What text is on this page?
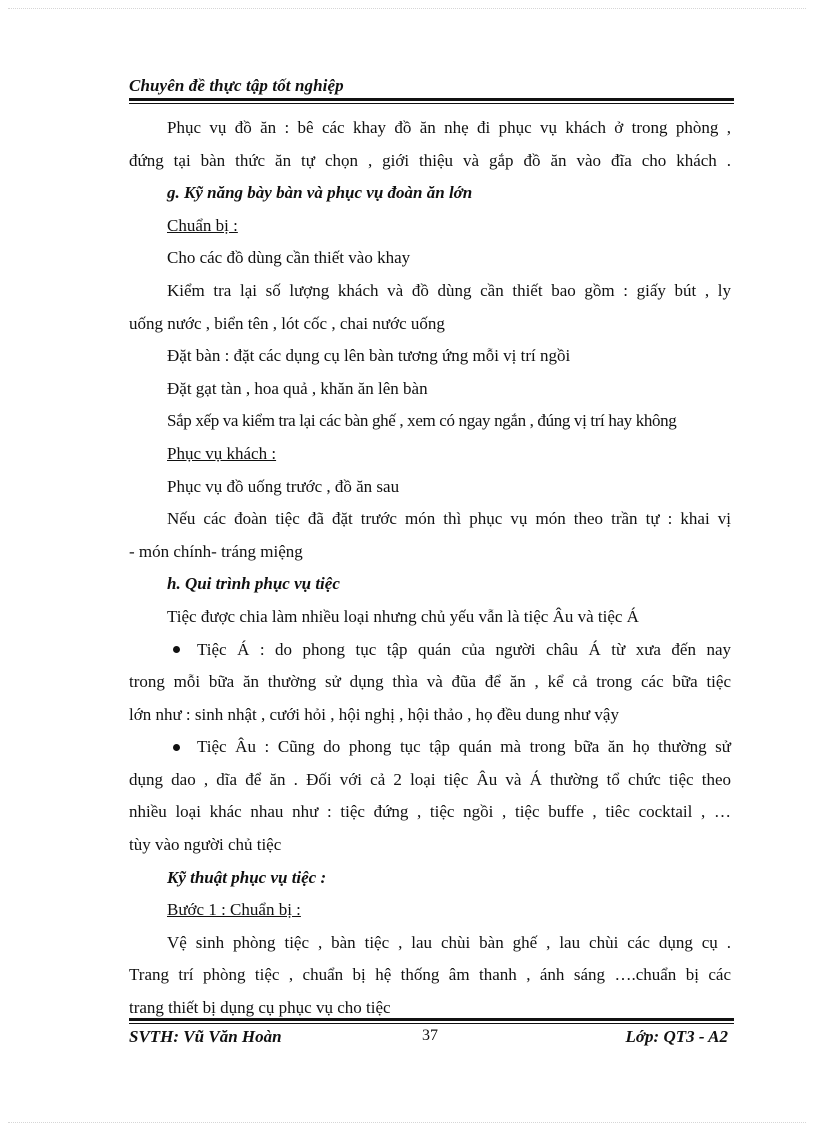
Chuyên đề thực tập tốt nghiệp
Phục vụ đồ ăn : bê các khay đồ ăn nhẹ đi phục vụ khách ở trong phòng ,
đứng tại bàn thức ăn tự chọn , giới thiệu và gắp đồ ăn vào đĩa cho khách .
g. Kỹ năng bày bàn và phục vụ đoàn ăn lớn
Chuẩn bị :
Cho các đồ dùng cần thiết vào khay
Kiểm tra lại số lượng khách và đồ dùng cần thiết bao gồm : giấy bút , ly
uống nước , biển tên , lót cốc , chai nước uống
Đặt bàn : đặt các dụng cụ lên bàn tương ứng mỗi vị trí ngồi
Đặt gạt tàn , hoa quả , khăn ăn lên bàn
Sắp xếp va kiểm tra lại các bàn ghế , xem có ngay ngắn , đúng vị trí hay không
Phục vụ khách :
Phục vụ đồ uống trước , đồ ăn sau
Nếu các đoàn tiệc đã đặt trước món thì phục vụ món theo trần tự : khai vị
- món chính- tráng miệng
h. Qui trình phục vụ tiệc
Tiệc được chia làm nhiều loại nhưng chủ yếu vẫn là tiệc Âu và tiệc Á
Tiệc Á : do phong tục tập quán của người châu Á từ xưa đến nay
trong mỗi bữa ăn thường sử dụng thìa và đũa để ăn , kể cả trong các bữa tiệc
lớn như : sinh nhật , cưới hỏi , hội nghị , hội thảo , họ đều dung như vậy
Tiệc Âu : Cũng do phong tục tập quán mà trong bữa ăn họ thường sử
dụng dao , dĩa để ăn . Đối với cả 2 loại tiệc Âu và Á thường tổ chức tiệc theo
nhiều loại khác nhau như : tiệc đứng , tiệc ngồi , tiệc buffe , tiêc cocktail , …
tùy vào người chủ tiệc
Kỹ thuật phục vụ tiệc :
Bước 1 : Chuẩn bị :
Vệ sinh phòng tiệc , bàn tiệc , lau chùi bàn ghế , lau chùi các dụng cụ .
Trang trí phòng tiệc , chuẩn bị hệ thống âm thanh , ánh sáng ….chuẩn bị các
trang thiết bị dụng cụ phục vụ cho tiệc
SVTH: Vũ Văn Hoàn	37	Lớp: QT3 - A2
